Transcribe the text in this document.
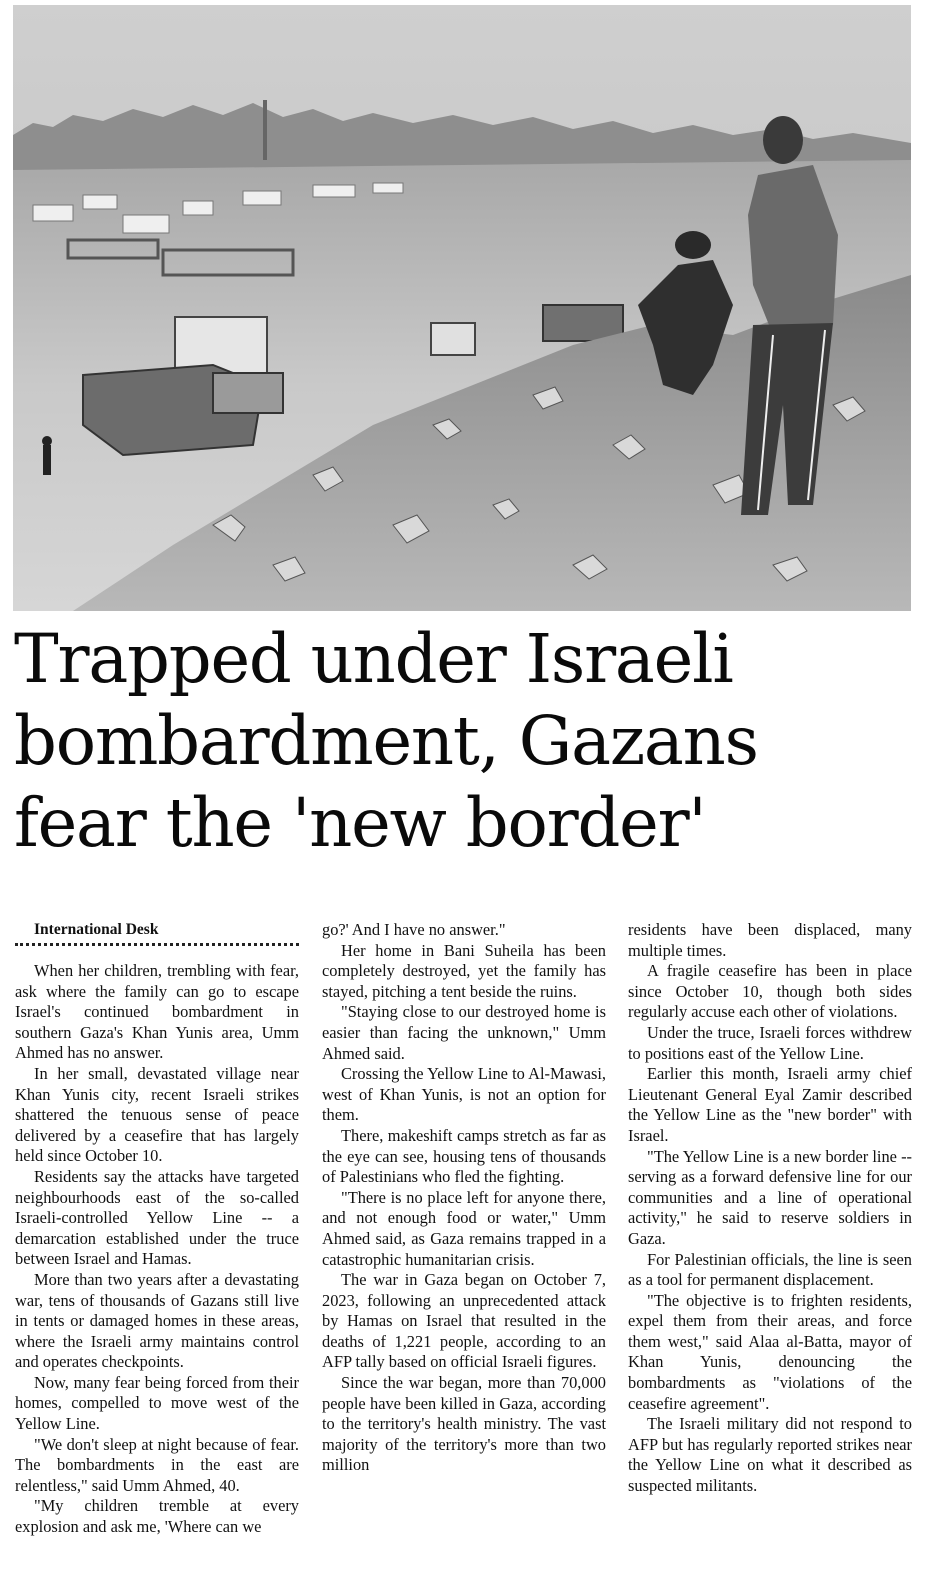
Trapped under Israeli
bombardment, Gazans
fear the 'new border'

International Desk

When her children, trembling with fear, ask where the family can go to escape Israel's continued bombardment in southern Gaza's Khan Yunis area, Umm Ahmed has no answer.

In her small, devastated village near Khan Yunis city, recent Israeli strikes shattered the tenuous sense of peace delivered by a ceasefire that has largely held since October 10.

Residents say the attacks have targeted neighbourhoods east of the so-called Israeli-controlled Yellow Line -- a demarcation established under the truce between Israel and Hamas.

More than two years after a devastating war, tens of thousands of Gazans still live in tents or damaged homes in these areas, where the Israeli army maintains control and operates checkpoints.

Now, many fear being forced from their homes, compelled to move west of the Yellow Line.

"We don't sleep at night because of fear. The bombardments in the east are relentless," said Umm Ahmed, 40.

"My children tremble at every explosion and ask me, 'Where can we

go?' And I have no answer."

Her home in Bani Suheila has been completely destroyed, yet the family has stayed, pitching a tent beside the ruins.

"Staying close to our destroyed home is easier than facing the unknown," Umm Ahmed said.

Crossing the Yellow Line to Al-Mawasi, west of Khan Yunis, is not an option for them.

There, makeshift camps stretch as far as the eye can see, housing tens of thousands of Palestinians who fled the fighting.

"There is no place left for anyone there, and not enough food or water," Umm Ahmed said, as Gaza remains trapped in a catastrophic humanitarian crisis.

The war in Gaza began on October 7, 2023, following an unprecedented attack by Hamas on Israel that resulted in the deaths of 1,221 people, according to an AFP tally based on official Israeli figures.

Since the war began, more than 70,000 people have been killed in Gaza, according to the territory's health ministry. The vast majority of the territory's more than two million

residents have been displaced, many multiple times.

A fragile ceasefire has been in place since October 10, though both sides regularly accuse each other of violations.

Under the truce, Israeli forces withdrew to positions east of the Yellow Line.

Earlier this month, Israeli army chief Lieutenant General Eyal Zamir described the Yellow Line as the "new border" with Israel.

"The Yellow Line is a new border line -- serving as a forward defensive line for our communities and a line of operational activity," he said to reserve soldiers in Gaza.

For Palestinian officials, the line is seen as a tool for permanent displacement.

"The objective is to frighten residents, expel them from their areas, and force them west," said Alaa al-Batta, mayor of Khan Yunis, denouncing the bombardments as "violations of the ceasefire agreement".

The Israeli military did not respond to AFP but has regularly reported strikes near the Yellow Line on what it described as suspected militants.
